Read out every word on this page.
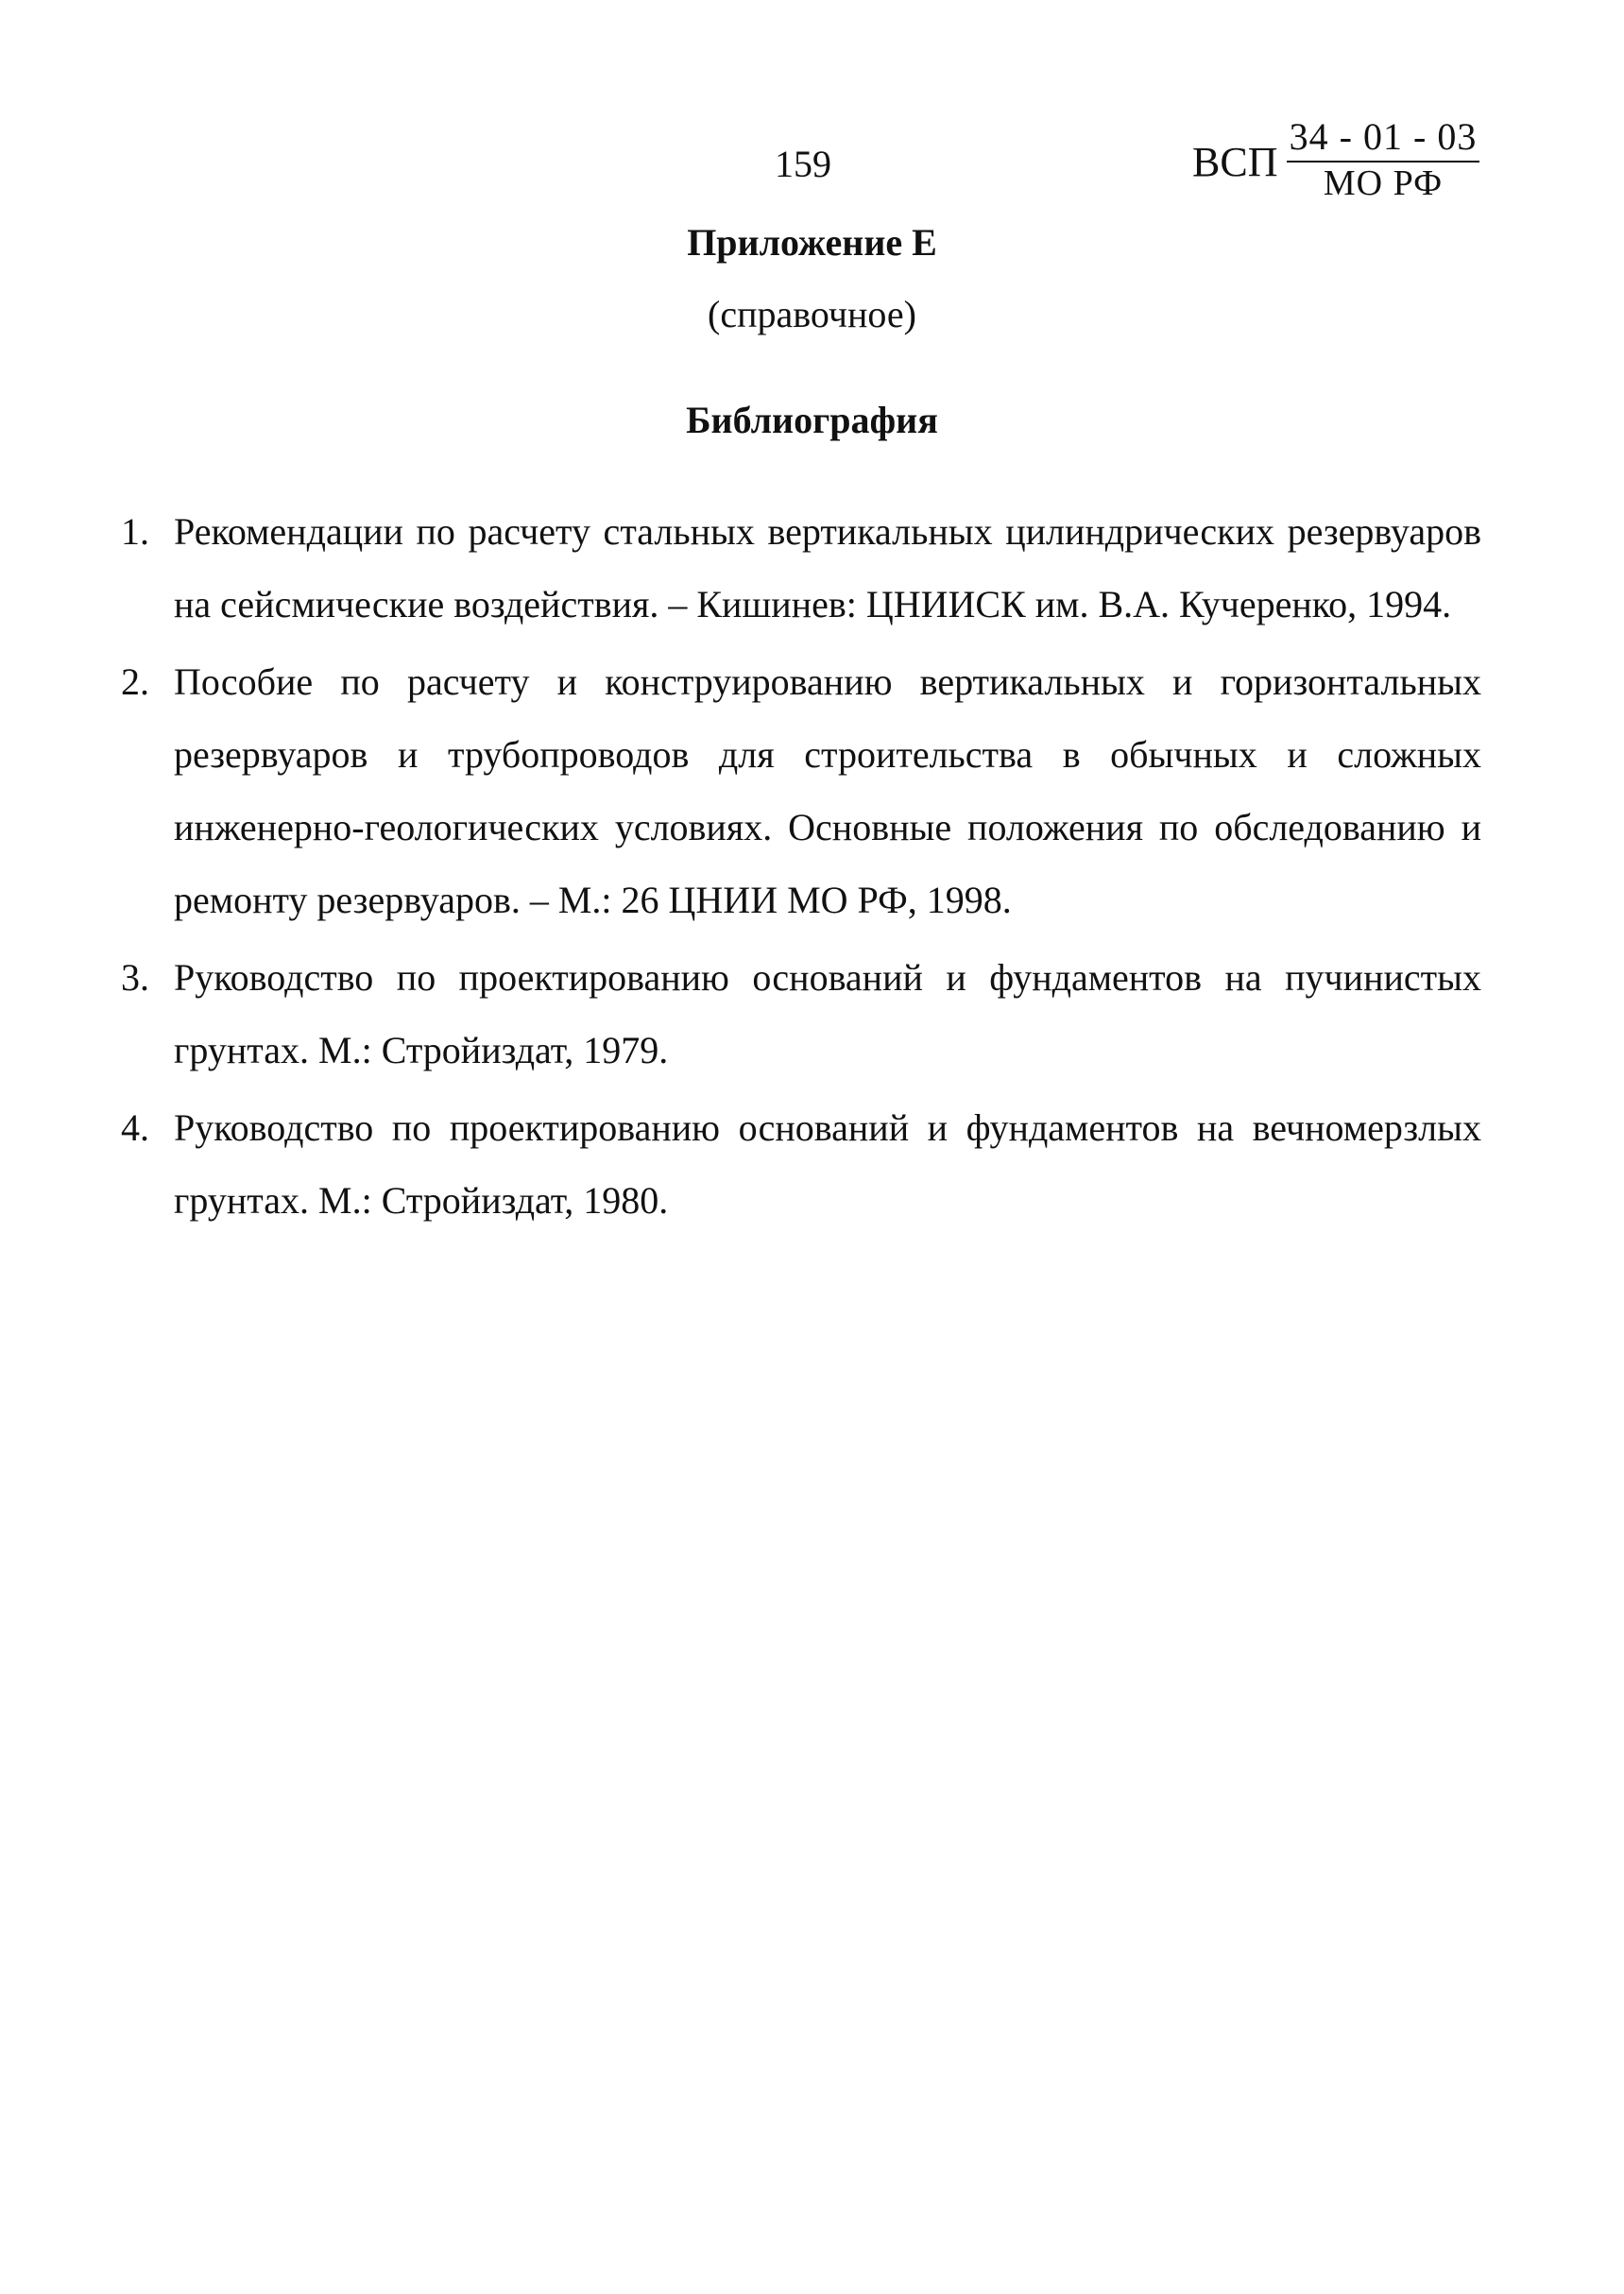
159	ВСП
34 - 01 - 03
МО РФ
Приложение Е
(справочное)
Библиография
1. Рекомендации по расчету стальных вертикальных цилиндрических резервуаров на сейсмические воздействия. – Кишинев: ЦНИИСК им. В.А. Кучеренко, 1994.
2. Пособие по расчету и конструированию вертикальных и горизонтальных резервуаров и трубопроводов для строительства в обычных и сложных инженерно-геологических условиях. Основные положения по обследованию и ремонту резервуаров. – М.: 26 ЦНИИ МО РФ, 1998.
3. Руководство по проектированию оснований и фундаментов на пучинистых грунтах. М.: Стройиздат, 1979.
4. Руководство по проектированию оснований и фундаментов на вечномерзлых грунтах. М.: Стройиздат, 1980.
